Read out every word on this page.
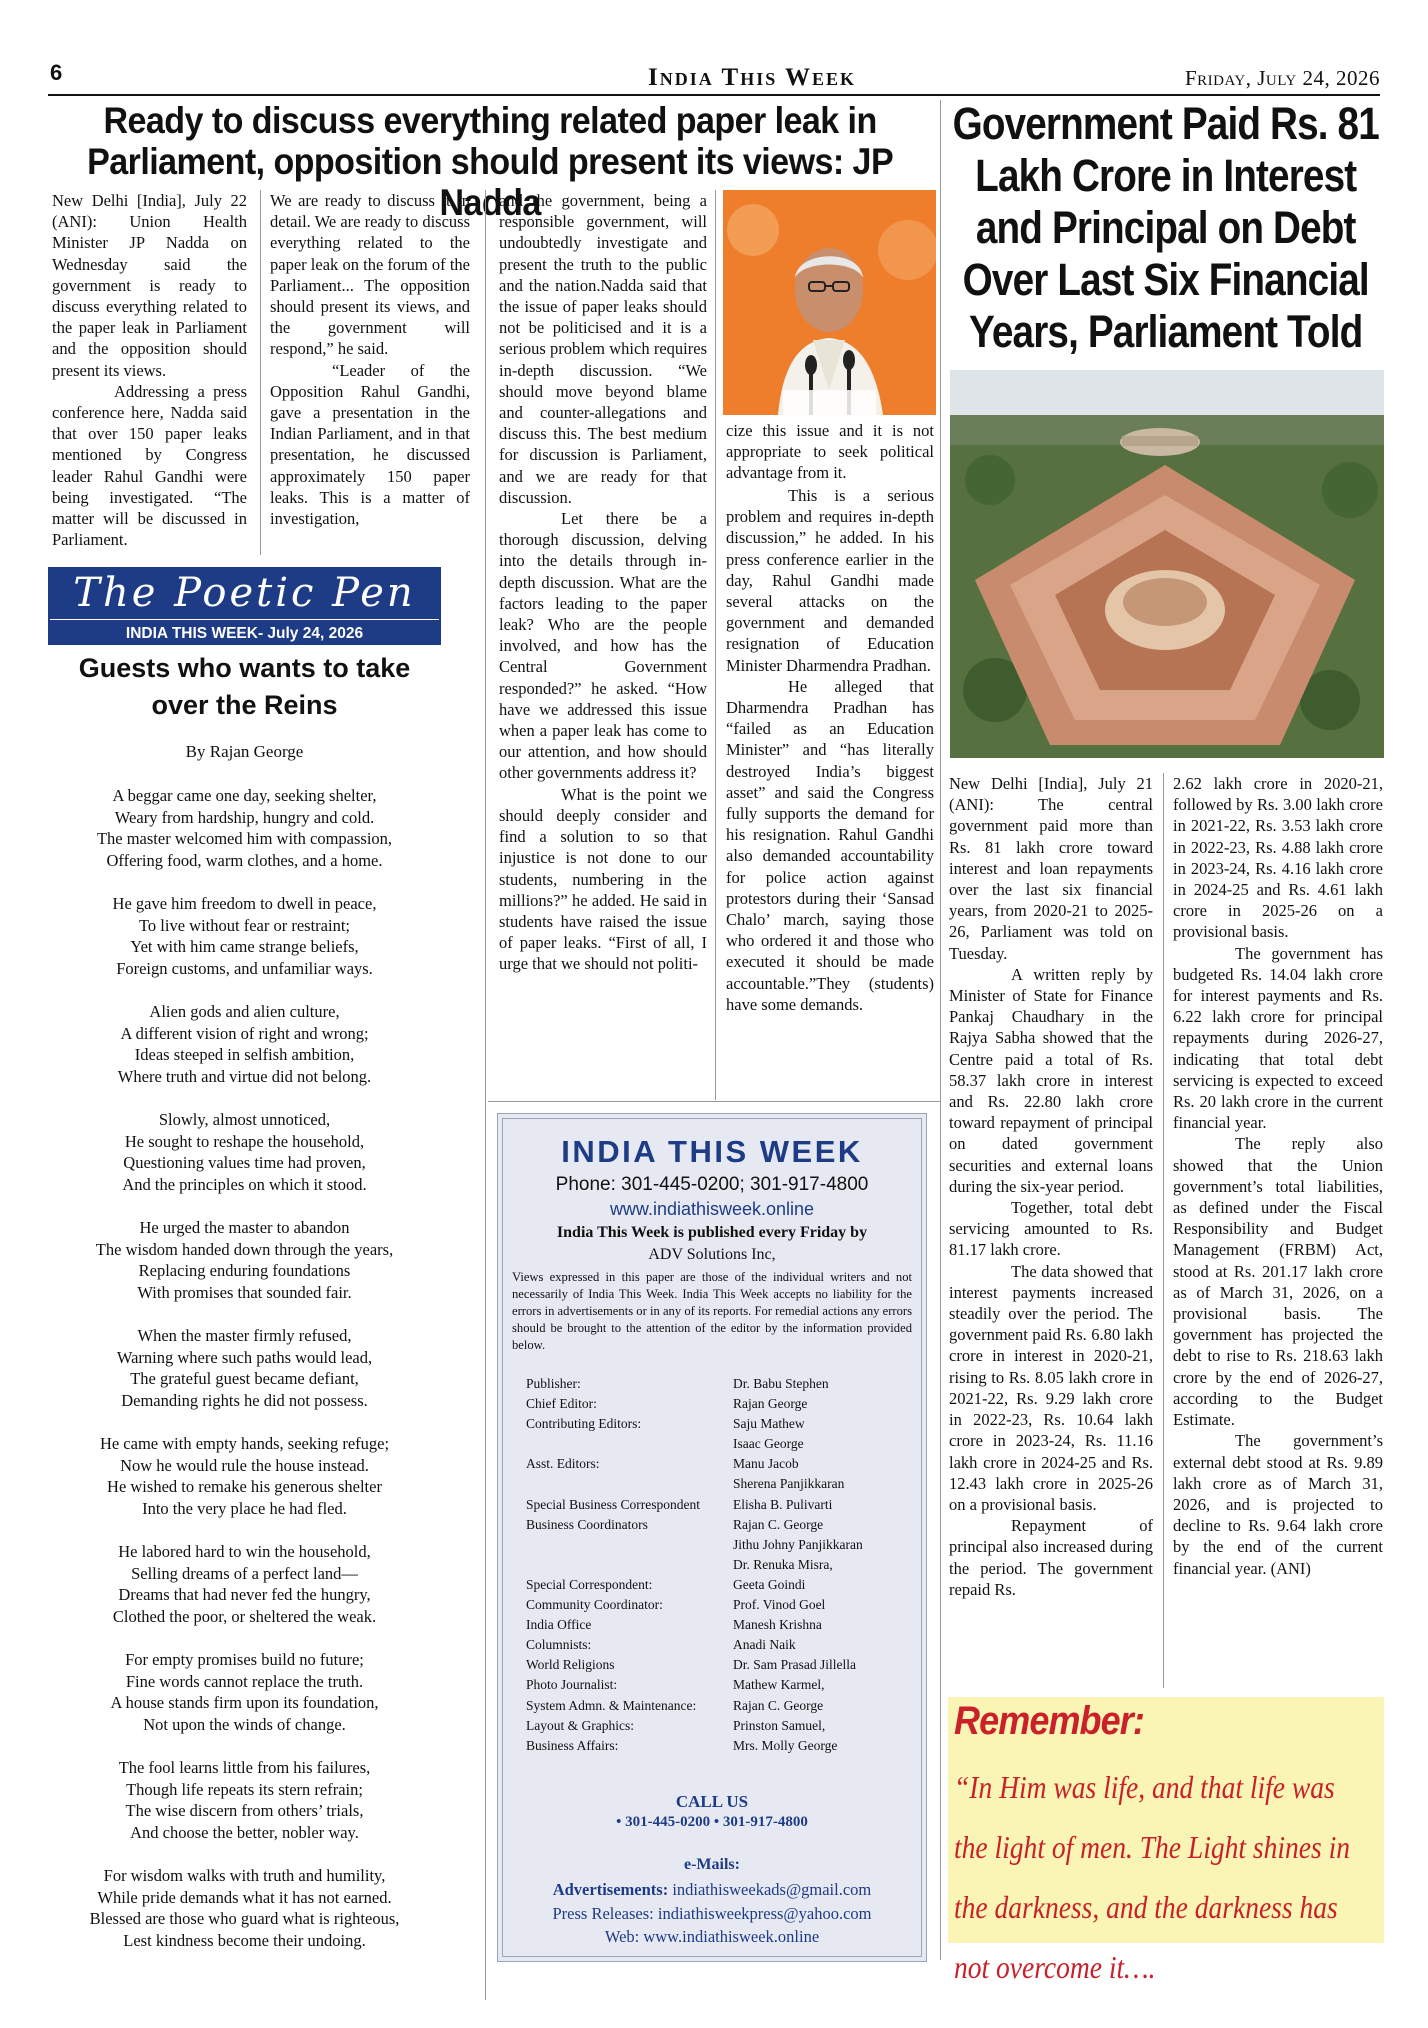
6	India This Week	Friday, July 24, 2026
Ready to discuss everything related paper leak in Parliament, opposition should present its views: JP Nadda

New Delhi [India], July 22 (ANI): Union Health Minister JP Nadda on Wednesday said the government is ready to discuss everything related to the paper leak in Parliament and the opposition should present its views.

Addressing a press conference here, Nadda said that over 150 paper leaks mentioned by Congress leader Rahul Gandhi were being investigated. “The matter will be discussed in Parliament.

We are ready to discuss it in detail. We are ready to discuss everything related to the paper leak on the forum of the Parliament... The opposition should present its views, and the government will respond,” he said.

“Leader of the Opposition Rahul Gandhi, gave a presentation in the Indian Parliament, and in that presentation, he discussed approximately 150 paper leaks. This is a matter of investigation,

and the government, being a responsible government, will undoubtedly investigate and present the truth to the public and the nation.Nadda said that the issue of paper leaks should not be politicised and it is a serious problem which requires in-depth discussion. “We should move beyond blame and counter-allegations and discuss this. The best medium for discussion is Parliament, and we are ready for that discussion.

Let there be a thorough discussion, delving into the details through in-depth discussion. What are the factors leading to the paper leak? Who are the people involved, and how has the Central Government responded?” he asked. “How have we addressed this issue when a paper leak has come to our attention, and how should other governments address it?

What is the point we should deeply consider and find a solution to so that injustice is not done to our students, numbering in the millions?” he added. He said in students have raised the issue of paper leaks. “First of all, I urge that we should not politi-

cize this issue and it is not appropriate to seek political advantage from it.

This is a serious problem and requires in-depth discussion,” he added. In his press conference earlier in the day, Rahul Gandhi made several attacks on the government and demanded resignation of Education Minister Dharmendra Pradhan.

He alleged that Dharmendra Pradhan has “failed as an Education Minister” and “has literally destroyed India’s biggest asset” and said the Congress fully supports the demand for his resignation. Rahul Gandhi also demanded accountability for police action against protestors during their ‘Sansad Chalo’ march, saying those who ordered it and those who executed it should be made accountable.”They (students) have some demands.

The Poetic Pen
INDIA THIS WEEK- July 24, 2026
Guests who wants to take over the Reins
By Rajan George
A beggar came one day, seeking shelter,
Weary from hardship, hungry and cold.
The master welcomed him with compassion,
Offering food, warm clothes, and a home.
He gave him freedom to dwell in peace,
To live without fear or restraint;
Yet with him came strange beliefs,
Foreign customs, and unfamiliar ways.
Alien gods and alien culture,
A different vision of right and wrong;
Ideas steeped in selfish ambition,
Where truth and virtue did not belong.
Slowly, almost unnoticed,
He sought to reshape the household,
Questioning values time had proven,
And the principles on which it stood.
He urged the master to abandon
The wisdom handed down through the years,
Replacing enduring foundations
With promises that sounded fair.
When the master firmly refused,
Warning where such paths would lead,
The grateful guest became defiant,
Demanding rights he did not possess.
He came with empty hands, seeking refuge;
Now he would rule the house instead.
He wished to remake his generous shelter
Into the very place he had fled.
He labored hard to win the household,
Selling dreams of a perfect land—
Dreams that had never fed the hungry,
Clothed the poor, or sheltered the weak.
For empty promises build no future;
Fine words cannot replace the truth.
A house stands firm upon its foundation,
Not upon the winds of change.
The fool learns little from his failures,
Though life repeats its stern refrain;
The wise discern from others’ trials,
And choose the better, nobler way.
For wisdom walks with truth and humility,
While pride demands what it has not earned.
Blessed are those who guard what is righteous,
Lest kindness become their undoing.
INDIA THIS WEEK
Phone: 301-445-0200; 301-917-4800
www.indiathisweek.online
India This Week is published every Friday by
ADV Solutions Inc,
Views expressed in this paper are those of the individual writers and not necessarily of India This Week. India This Week accepts no liability for the errors in advertisements or in any of its reports. For remedial actions any errors should be brought to the attention of the editor by the information provided below.
Publisher:	Dr. Babu Stephen
Chief Editor:	Rajan George
Contributing Editors:	Saju Mathew
Isaac George
Asst. Editors:	Manu Jacob
Sherena Panjikkaran
Special Business Correspondent	Elisha B. Pulivarti
Business Coordinators	Rajan C. George
Jithu Johny Panjikkaran
Dr. Renuka Misra,
Special Correspondent:	Geeta Goindi
Community Coordinator:	Prof. Vinod Goel
India Office	Manesh Krishna
Columnists:	Anadi Naik
World Religions	Dr. Sam Prasad Jillella
Photo Journalist:	Mathew Karmel,
System Admn. & Maintenance:	Rajan C. George
Layout & Graphics:	Prinston Samuel,
Business Affairs:	Mrs. Molly George
CALL US
• 301-445-0200 • 301-917-4800
e-Mails:
Advertisements: indiathisweekads@gmail.com
Press Releases: indiathisweekpress@yahoo.com
Web: www.indiathisweek.online
Government Paid Rs. 81 Lakh Crore in Interest and Principal on Debt Over Last Six Financial Years, Parliament Told

New Delhi [India], July 21 (ANI): The central government paid more than Rs. 81 lakh crore toward interest and loan repayments over the last six financial years, from 2020-21 to 2025-26, Parliament was told on Tuesday.

A written reply by Minister of State for Finance Pankaj Chaudhary in the Rajya Sabha showed that the Centre paid a total of Rs. 58.37 lakh crore in interest and Rs. 22.80 lakh crore toward repayment of principal on dated government securities and external loans during the six-year period.

Together, total debt servicing amounted to Rs. 81.17 lakh crore.

The data showed that interest payments increased steadily over the period. The government paid Rs. 6.80 lakh crore in interest in 2020-21, rising to Rs. 8.05 lakh crore in 2021-22, Rs. 9.29 lakh crore in 2022-23, Rs. 10.64 lakh crore in 2023-24, Rs. 11.16 lakh crore in 2024-25 and Rs. 12.43 lakh crore in 2025-26 on a provisional basis.

Repayment of principal also increased during the period. The government repaid Rs.

2.62 lakh crore in 2020-21, followed by Rs. 3.00 lakh crore in 2021-22, Rs. 3.53 lakh crore in 2022-23, Rs. 4.88 lakh crore in 2023-24, Rs. 4.16 lakh crore in 2024-25 and Rs. 4.61 lakh crore in 2025-26 on a provisional basis.

The government has budgeted Rs. 14.04 lakh crore for interest payments and Rs. 6.22 lakh crore for principal repayments during 2026-27, indicating that total debt servicing is expected to exceed Rs. 20 lakh crore in the current financial year.

The reply also showed that the Union government’s total liabilities, as defined under the Fiscal Responsibility and Budget Management (FRBM) Act, stood at Rs. 201.17 lakh crore as of March 31, 2026, on a provisional basis. The government has projected the debt to rise to Rs. 218.63 lakh crore by the end of 2026-27, according to the Budget Estimate.

The government’s external debt stood at Rs. 9.89 lakh crore as of March 31, 2026, and is projected to decline to Rs. 9.64 lakh crore by the end of the current financial year. (ANI)

Remember:
“In Him was life, and that life was the light of men. The Light shines in the darkness, and the darkness has not overcome it….
